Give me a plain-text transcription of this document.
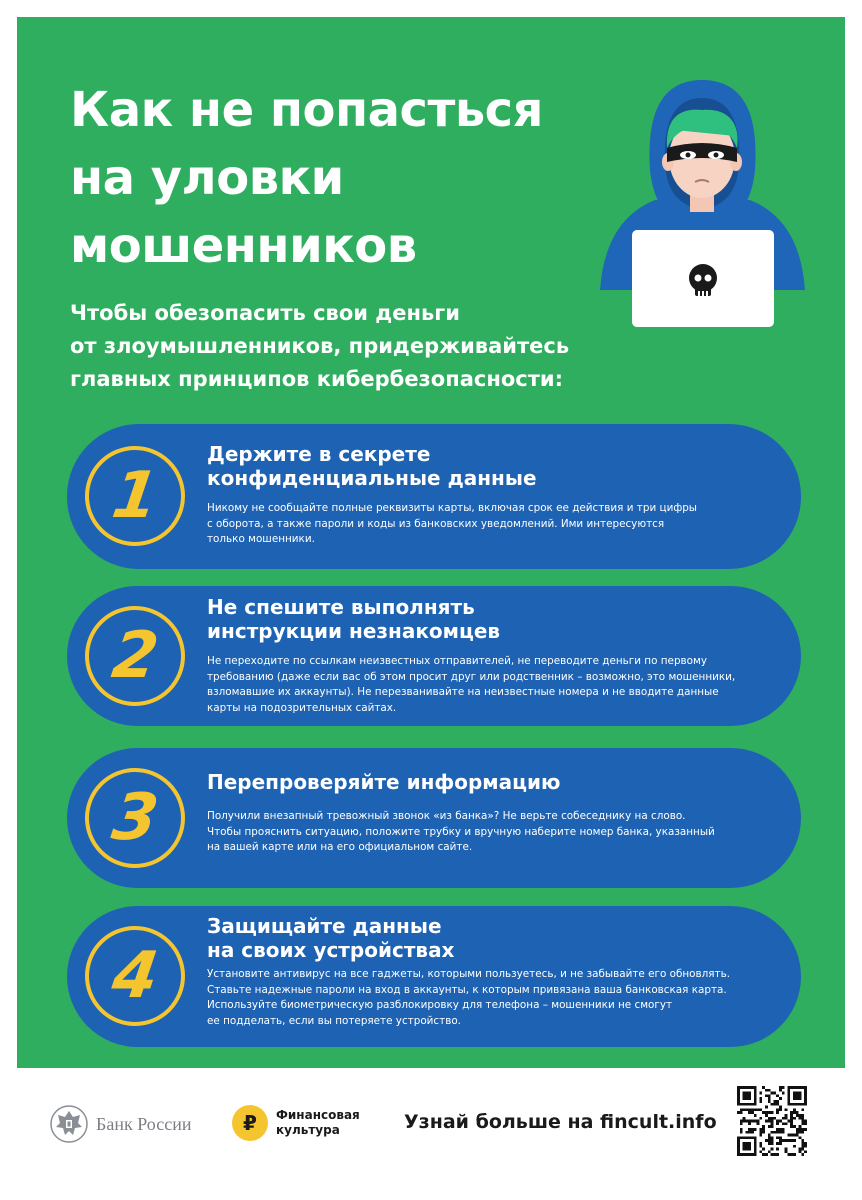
Как не попасться
на уловки
мошенников
Чтобы обезопасить свои деньги
от злоумышленников, придерживайтесь
главных принципов кибербезопасности:
1
Держите в секрете
конфиденциальные данные
Никому не сообщайте полные реквизиты карты, включая срок ее действия и три цифры
с оборота, а также пароли и коды из банковских уведомлений. Ими интересуются
только мошенники.
2
Не спешите выполнять
инструкции незнакомцев
Не переходите по ссылкам неизвестных отправителей, не переводите деньги по первому
требованию (даже если вас об этом просит друг или родственник – возможно, это мошенники,
взломавшие их аккаунты). Не перезванивайте на неизвестные номера и не вводите данные
карты на подозрительных сайтах.
3 Перепроверяйте информацию
Получили внезапный тревожный звонок «из банка»? Не верьте собеседнику на слово.
Чтобы прояснить ситуацию, положите трубку и вручную наберите номер банка, указанный
на вашей карте или на его официальном сайте.
4
Защищайте данные
на своих устройствах
Установите антивирус на все гаджеты, которыми пользуетесь, и не забывайте его обновлять.
Ставьте надежные пароли на вход в аккаунты, к которым привязана ваша банковская карта.
Используйте биометрическую разблокировку для телефона – мошенники не смогут
ее подделать, если вы потеряете устройство.
Банк России	₽ Финансовая
культура	Узнай больше на fincult.info
